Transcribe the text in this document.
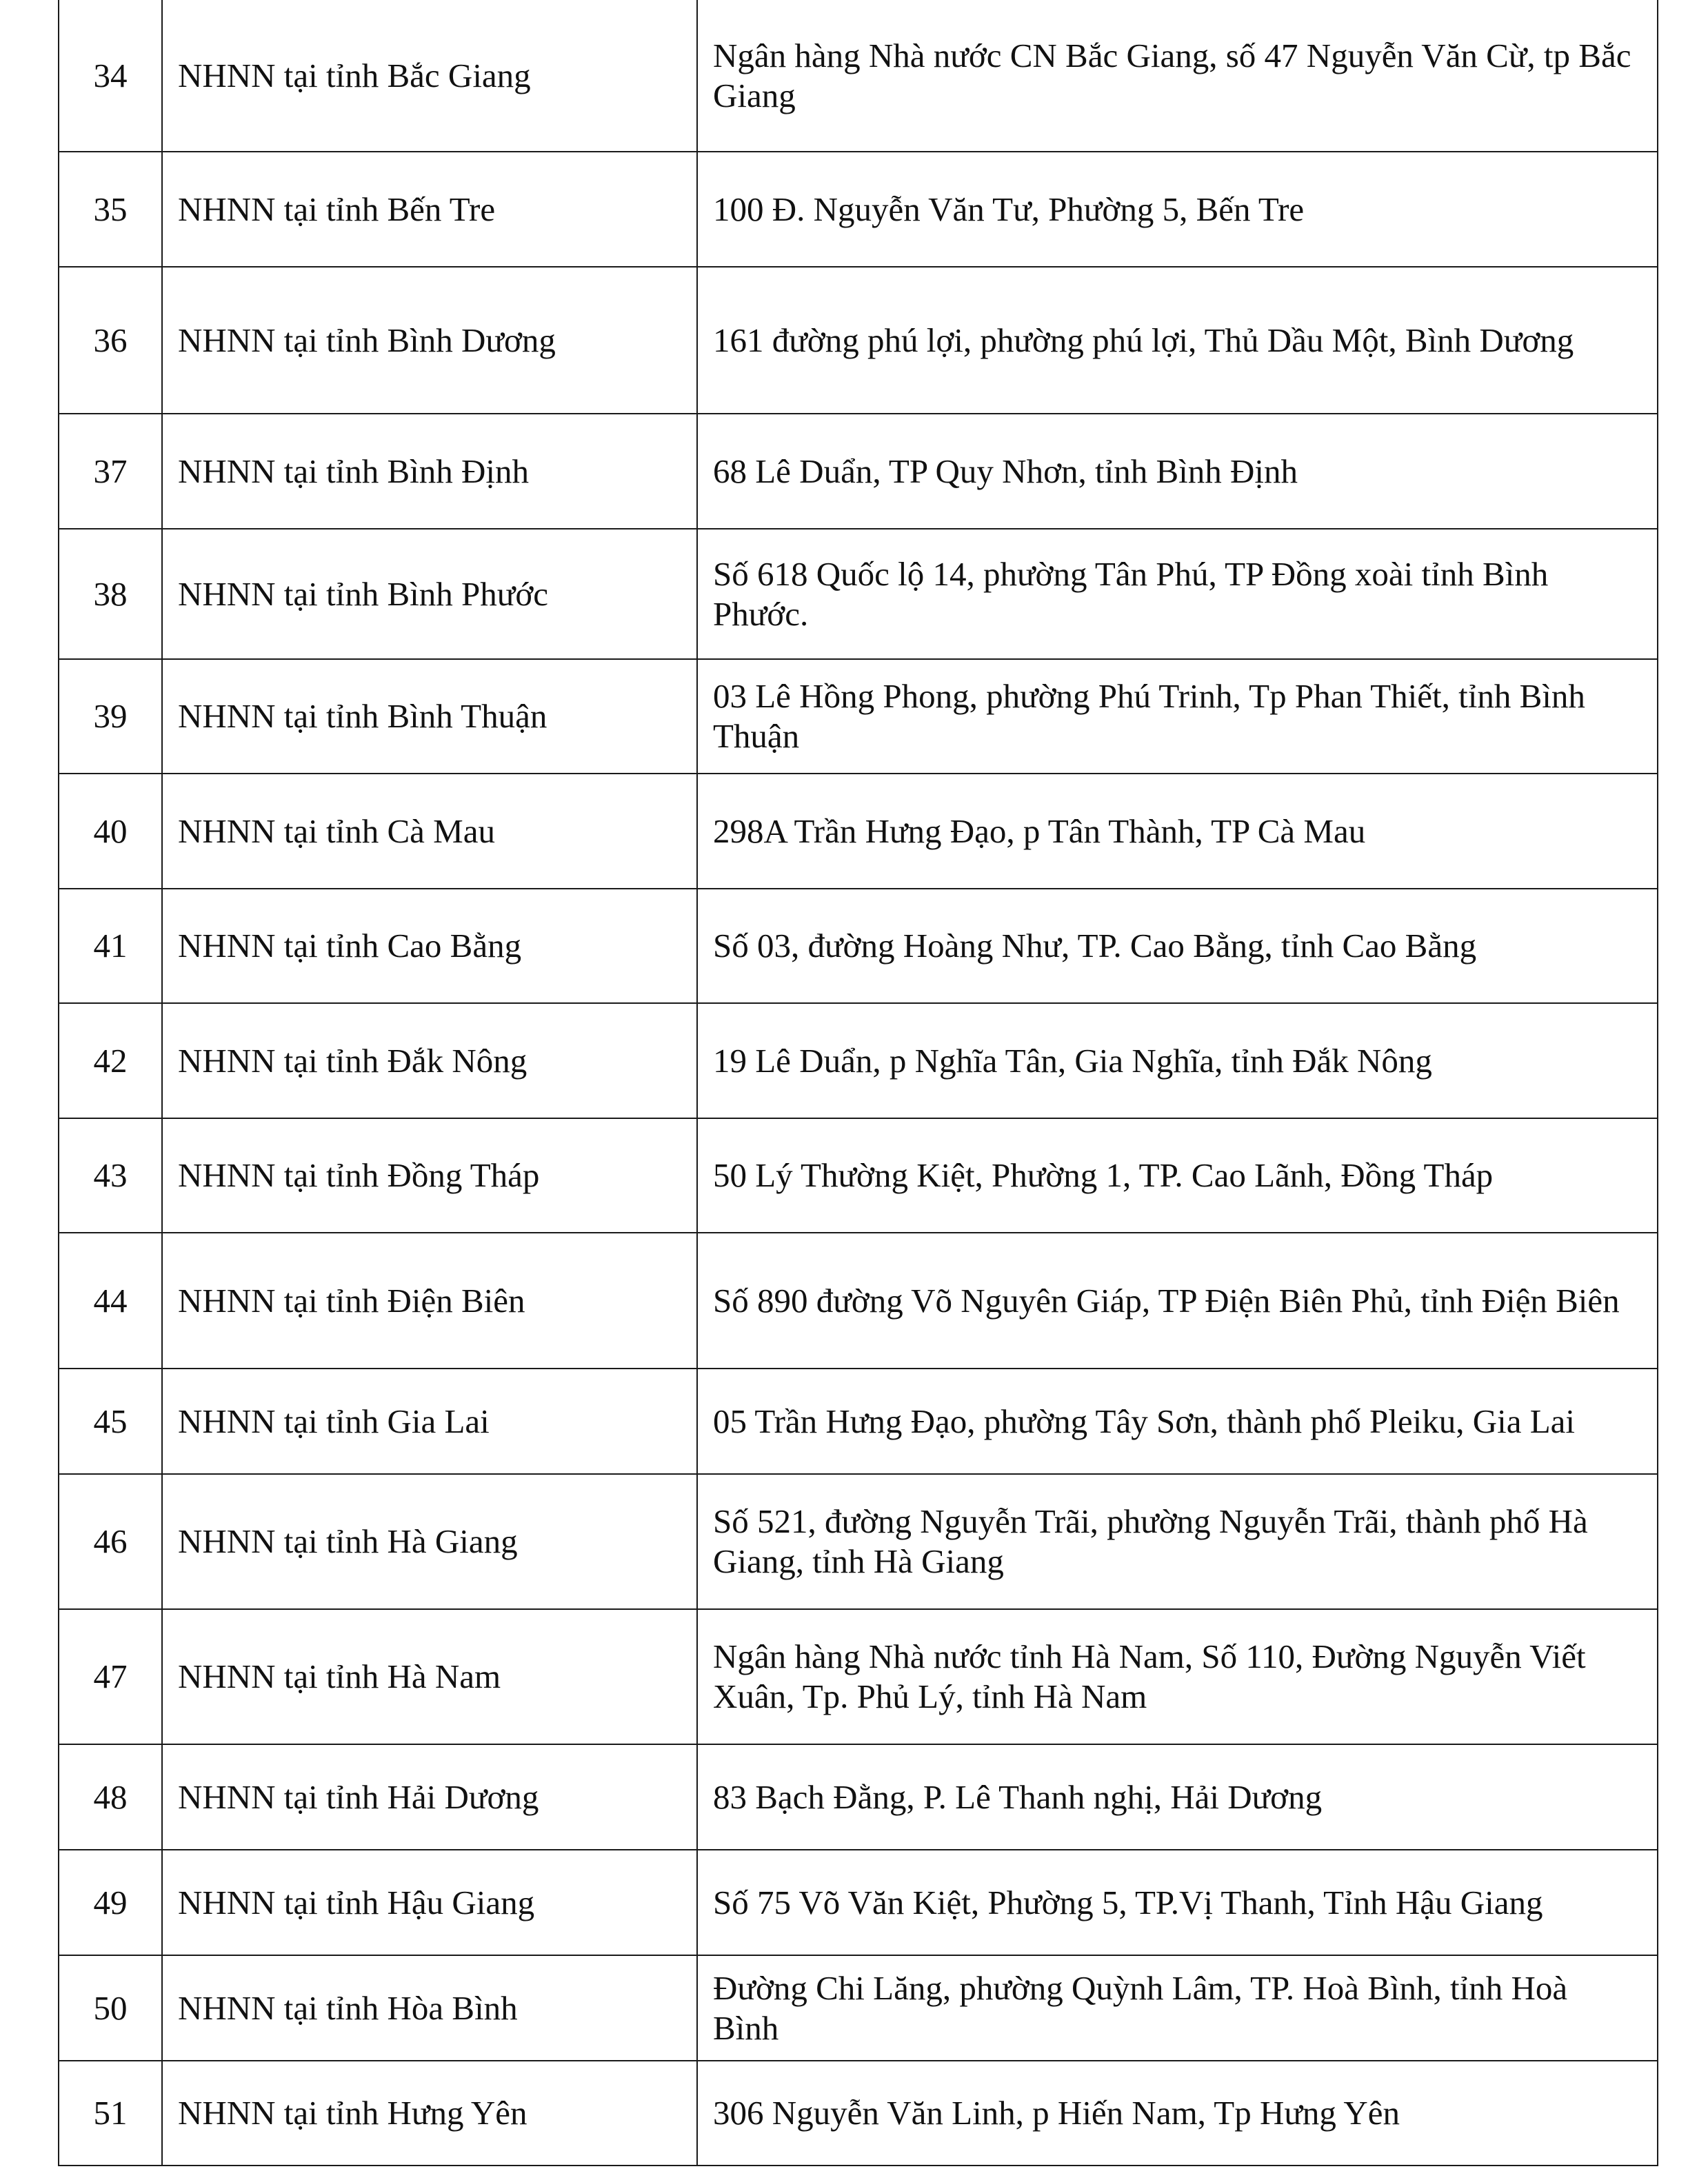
34	NHNN tại tỉnh Bắc Giang	Ngân hàng Nhà nước CN Bắc Giang, số 47 Nguyễn Văn Cừ, tp Bắc Giang
35	NHNN tại tỉnh Bến Tre	100 Đ. Nguyễn Văn Tư, Phường 5, Bến Tre
36	NHNN tại tỉnh Bình Dương	161 đường phú lợi, phường phú lợi, Thủ Dầu Một, Bình Dương
37	NHNN tại tỉnh Bình Định	68 Lê Duẩn, TP Quy Nhơn, tỉnh Bình Định
38	NHNN tại tỉnh Bình Phước	Số 618 Quốc lộ 14, phường Tân Phú, TP Đồng xoài tỉnh Bình Phước.
39	NHNN tại tỉnh Bình Thuận	03 Lê Hồng Phong, phường Phú Trinh, Tp Phan Thiết, tỉnh Bình Thuận
40	NHNN tại tỉnh Cà Mau	298A Trần Hưng Đạo, p Tân Thành, TP Cà Mau
41	NHNN tại tỉnh Cao Bằng	Số 03, đường Hoàng Như, TP. Cao Bằng, tỉnh Cao Bằng
42	NHNN tại tỉnh Đắk Nông	19 Lê Duẩn, p Nghĩa Tân, Gia Nghĩa, tỉnh Đắk Nông
43	NHNN tại tỉnh Đồng Tháp	50 Lý Thường Kiệt, Phường 1, TP. Cao Lãnh, Đồng Tháp
44	NHNN tại tỉnh Điện Biên	Số 890 đường Võ Nguyên Giáp, TP Điện Biên Phủ, tỉnh Điện Biên
45	NHNN tại tỉnh Gia Lai	05 Trần Hưng Đạo, phường Tây Sơn, thành phố Pleiku, Gia Lai
46	NHNN tại tỉnh Hà Giang	Số 521, đường Nguyễn Trãi, phường Nguyễn Trãi, thành phố Hà Giang, tỉnh Hà Giang
47	NHNN tại tỉnh Hà Nam	Ngân hàng Nhà nước tỉnh Hà Nam, Số 110, Đường Nguyễn Viết Xuân, Tp. Phủ Lý, tỉnh Hà Nam
48	NHNN tại tỉnh Hải Dương	83 Bạch Đằng, P. Lê Thanh nghị, Hải Dương
49	NHNN tại tỉnh Hậu Giang	Số 75 Võ Văn Kiệt, Phường 5, TP.Vị Thanh, Tỉnh Hậu Giang
50	NHNN tại tỉnh Hòa Bình	Đường Chi Lăng, phường Quỳnh Lâm, TP. Hoà Bình, tỉnh Hoà Bình
51	NHNN tại tỉnh Hưng Yên	306 Nguyễn Văn Linh, p Hiến Nam, Tp Hưng Yên
